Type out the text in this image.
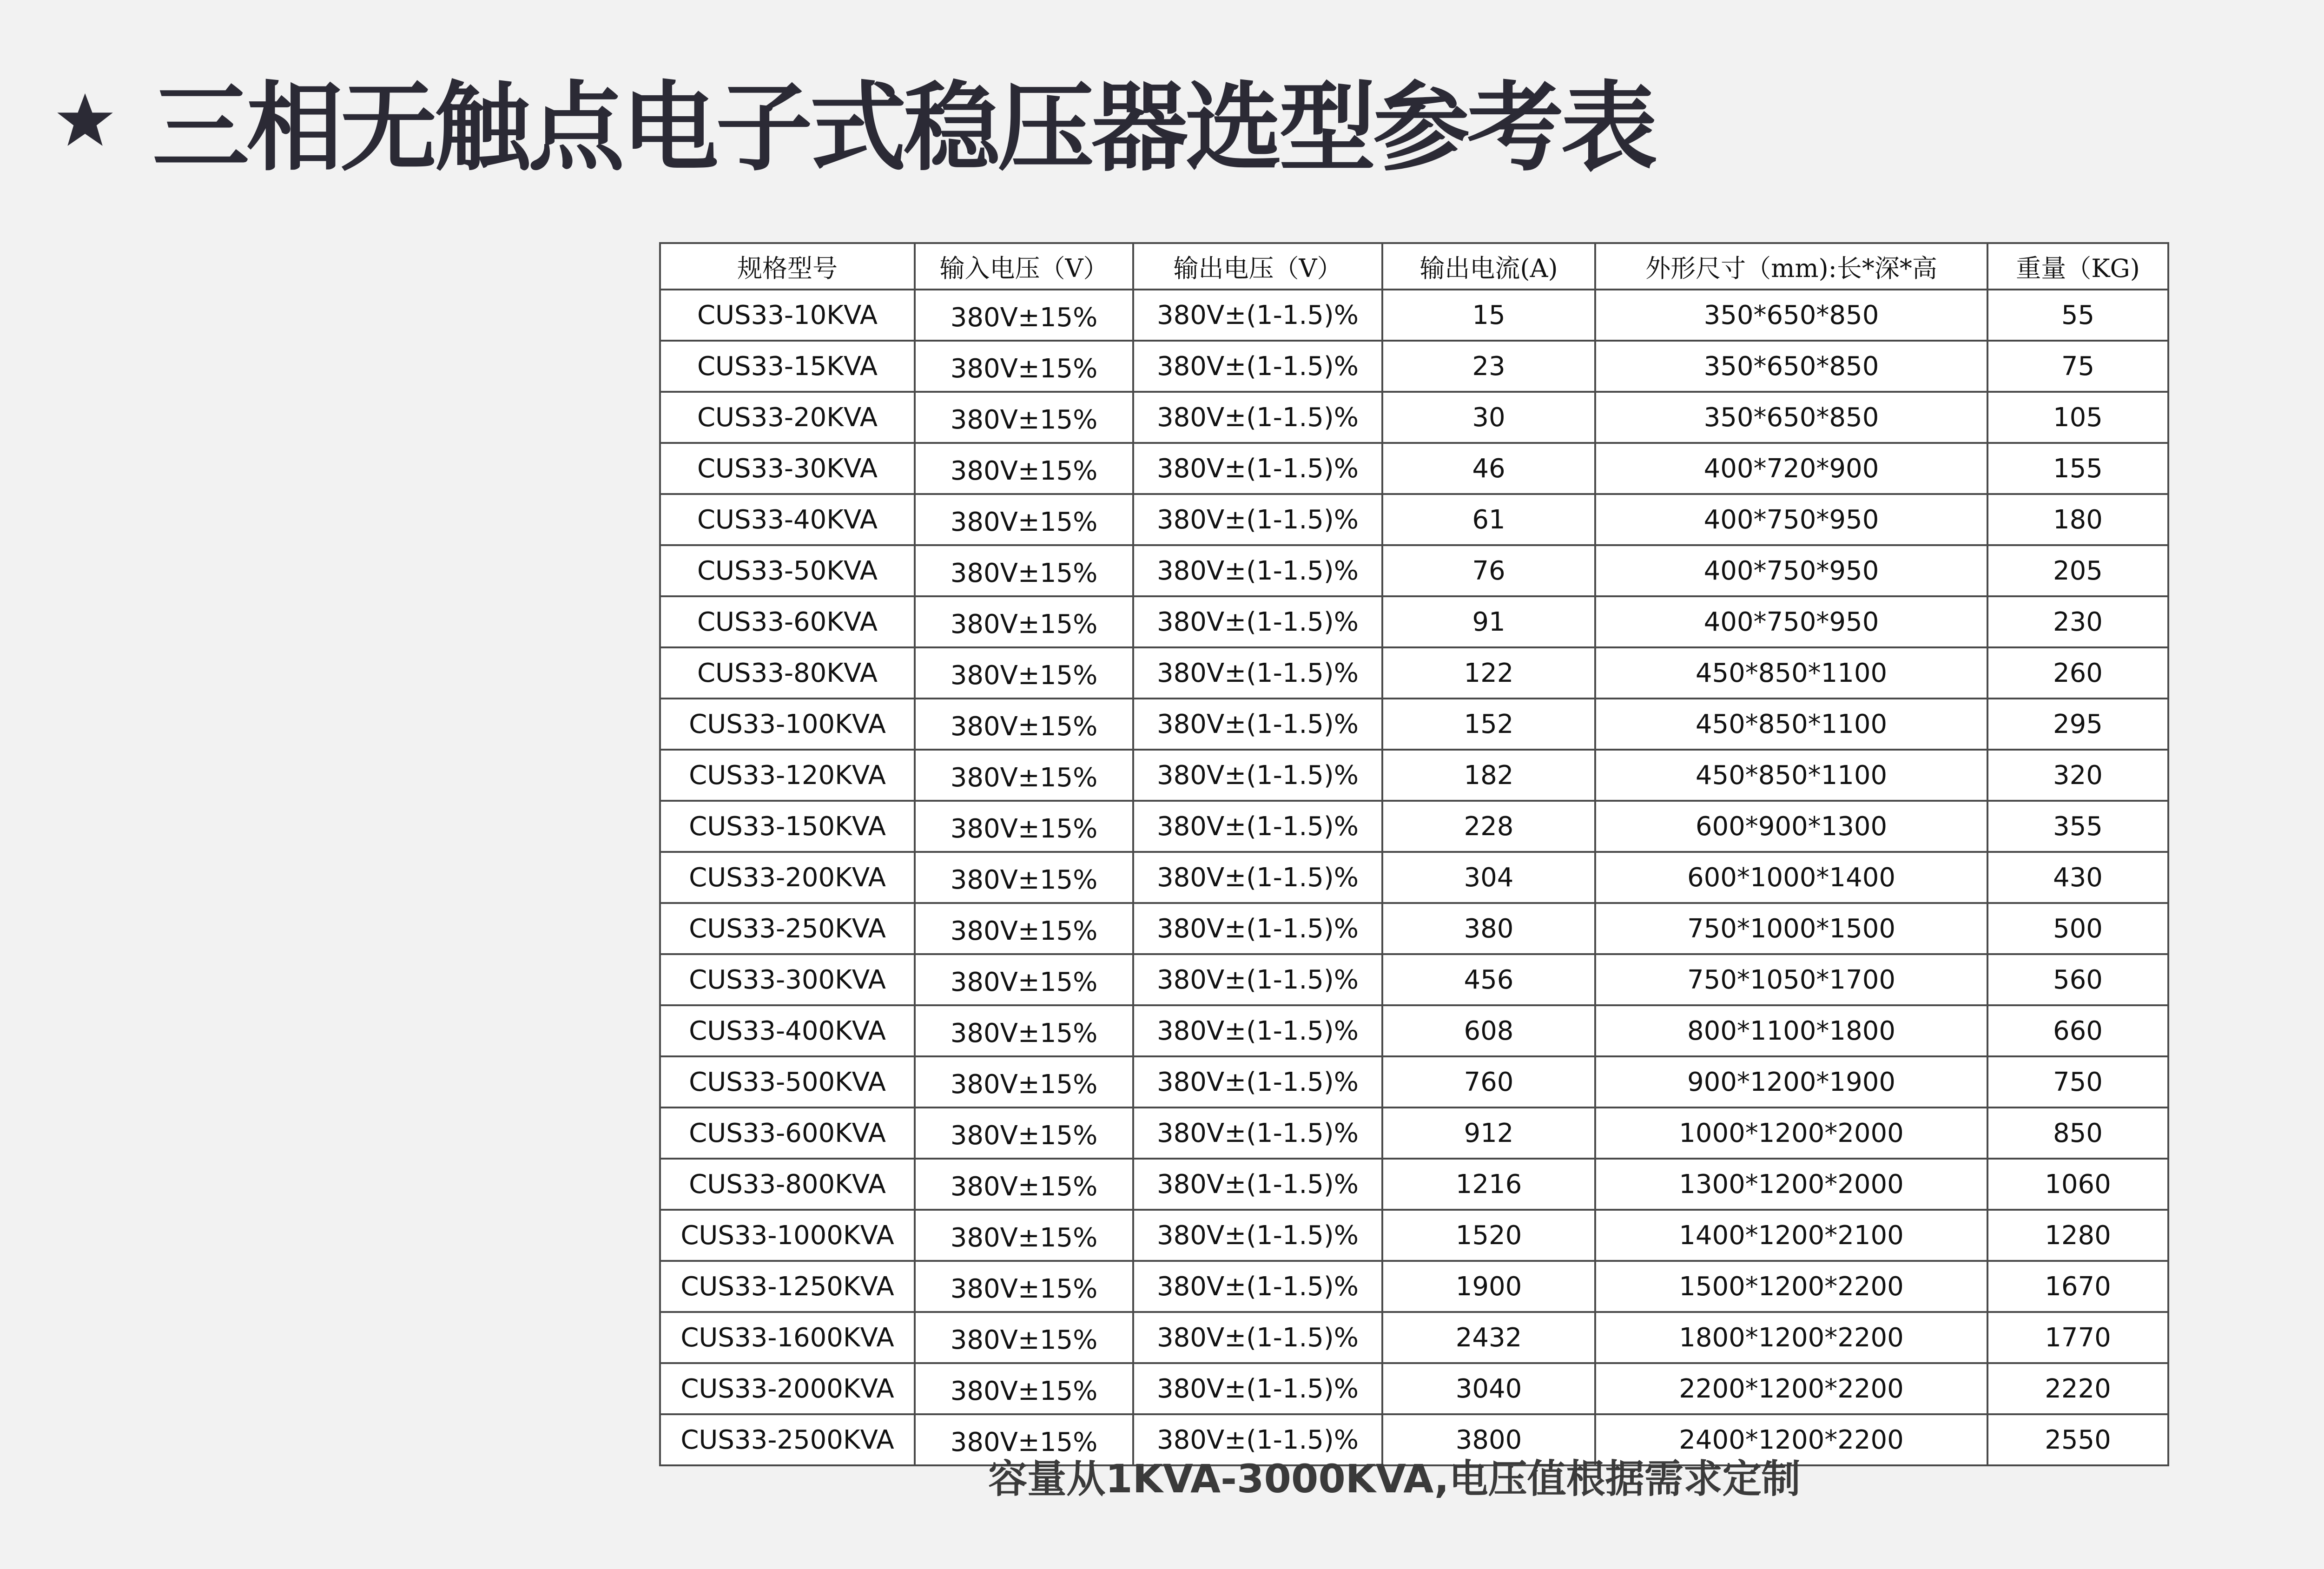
三相无触点电子式稳压器选型参考表
规格型号	输入电压（V）	输出电压（V）	输出电流(A)	外形尺寸（mm):长*深*高	重量（KG)
CUS33-10KVA	380V±15%	380V±(1-1.5)%	15	350*650*850	55
CUS33-15KVA	380V±15%	380V±(1-1.5)%	23	350*650*850	75
CUS33-20KVA	380V±15%	380V±(1-1.5)%	30	350*650*850	105
CUS33-30KVA	380V±15%	380V±(1-1.5)%	46	400*720*900	155
CUS33-40KVA	380V±15%	380V±(1-1.5)%	61	400*750*950	180
CUS33-50KVA	380V±15%	380V±(1-1.5)%	76	400*750*950	205
CUS33-60KVA	380V±15%	380V±(1-1.5)%	91	400*750*950	230
CUS33-80KVA	380V±15%	380V±(1-1.5)%	122	450*850*1100	260
CUS33-100KVA	380V±15%	380V±(1-1.5)%	152	450*850*1100	295
CUS33-120KVA	380V±15%	380V±(1-1.5)%	182	450*850*1100	320
CUS33-150KVA	380V±15%	380V±(1-1.5)%	228	600*900*1300	355
CUS33-200KVA	380V±15%	380V±(1-1.5)%	304	600*1000*1400	430
CUS33-250KVA	380V±15%	380V±(1-1.5)%	380	750*1000*1500	500
CUS33-300KVA	380V±15%	380V±(1-1.5)%	456	750*1050*1700	560
CUS33-400KVA	380V±15%	380V±(1-1.5)%	608	800*1100*1800	660
CUS33-500KVA	380V±15%	380V±(1-1.5)%	760	900*1200*1900	750
CUS33-600KVA	380V±15%	380V±(1-1.5)%	912	1000*1200*2000	850
CUS33-800KVA	380V±15%	380V±(1-1.5)%	1216	1300*1200*2000	1060
CUS33-1000KVA	380V±15%	380V±(1-1.5)%	1520	1400*1200*2100	1280
CUS33-1250KVA	380V±15%	380V±(1-1.5)%	1900	1500*1200*2200	1670
CUS33-1600KVA	380V±15%	380V±(1-1.5)%	2432	1800*1200*2200	1770
CUS33-2000KVA	380V±15%	380V±(1-1.5)%	3040	2200*1200*2200	2220
CUS33-2500KVA	380V±15%	380V±(1-1.5)%	3800	2400*1200*2200	2550
容量从1KVA-3000KVA,电压值根据需求定制
